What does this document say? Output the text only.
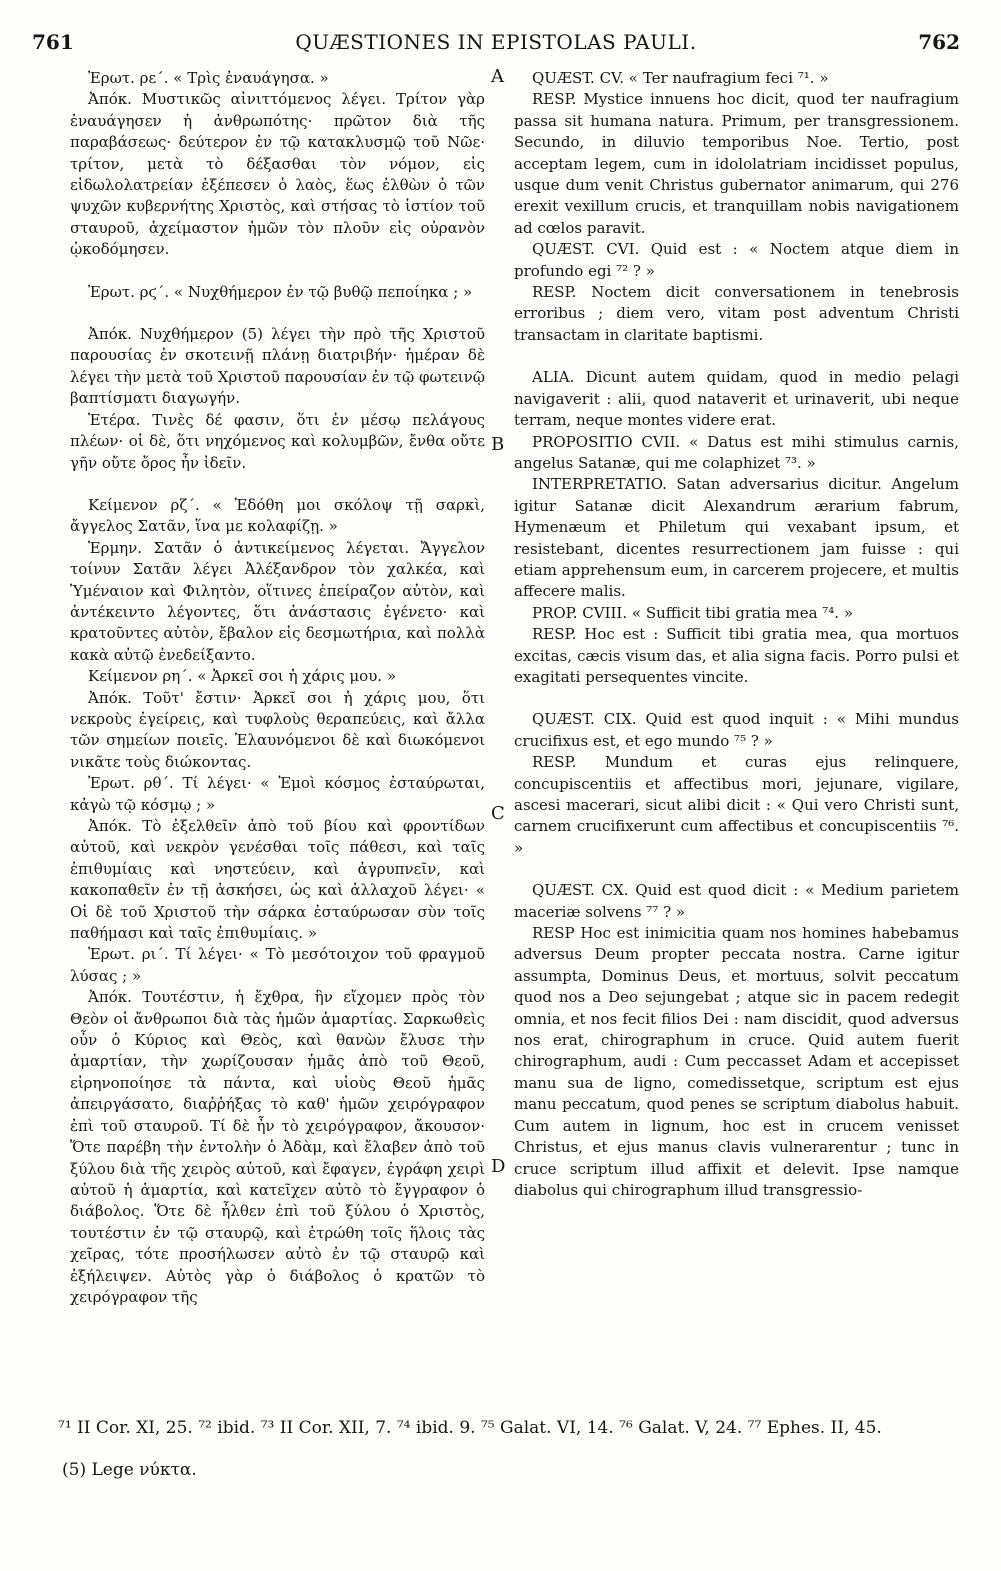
761	QUÆSTIONES IN EPISTOLAS PAULI.	762

Ἐρωτ. ρε΄. « Τρὶς ἐναυάγησα. »

Ἀπόκ. Μυστικῶς αἰνιττόμενος λέγει. Τρίτον γὰρ ἐναυάγησεν ἡ ἀνθρωπότης· πρῶτον διὰ τῆς παραβάσεως· δεύτερον ἐν τῷ κατακλυσμῷ τοῦ Νῶε· τρίτον, μετὰ τὸ δέξασθαι τὸν νόμον, εἰς εἰδωλολατρείαν ἐξέπεσεν ὁ λαὸς, ἕως ἐλθὼν ὁ τῶν ψυχῶν κυβερνήτης Χριστὸς, καὶ στήσας τὸ ἱστίον τοῦ σταυροῦ, ἀχείμαστον ἡμῶν τὸν πλοῦν εἰς οὐρανὸν ᾠκοδόμησεν.

Ἐρωτ. ρϛ΄. « Νυχθήμερον ἐν τῷ βυθῷ πεποίηκα ; »

Ἀπόκ. Νυχθήμερον (5) λέγει τὴν πρὸ τῆς Χριστοῦ παρουσίας ἐν σκοτεινῇ πλάνῃ διατριβήν· ἡμέραν δὲ λέγει τὴν μετὰ τοῦ Χριστοῦ παρουσίαν ἐν τῷ φωτεινῷ βαπτίσματι διαγωγήν.

Ἑτέρα. Τινὲς δέ φασιν, ὅτι ἐν μέσῳ πελάγους πλέων· οἱ δὲ, ὅτι νηχόμενος καὶ κολυμβῶν, ἔνθα οὔτε γῆν οὔτε ὄρος ἦν ἰδεῖν.

Κείμενον ρζ΄. « Ἐδόθη μοι σκόλοψ τῇ σαρκὶ, ἄγγελος Σατᾶν, ἵνα με κολαφίζῃ. »

Ἑρμην. Σατᾶν ὁ ἀντικείμενος λέγεται. Ἄγγελον τοίνυν Σατᾶν λέγει Ἀλέξανδρον τὸν χαλκέα, καὶ Ὑμέναιον καὶ Φιλητὸν, οἵτινες ἐπείραζον αὐτὸν, καὶ ἀντέκειντο λέγοντες, ὅτι ἀνάστασις ἐγένετο· καὶ κρατοῦντες αὐτὸν, ἔβαλον εἰς δεσμωτήρια, καὶ πολλὰ κακὰ αὐτῷ ἐνεδείξαντο.

Κείμενον ρη΄. « Ἀρκεῖ σοι ἡ χάρις μου. »

Ἀπόκ. Τοῦτ' ἔστιν· Ἀρκεῖ σοι ἡ χάρις μου, ὅτι νεκροὺς ἐγείρεις, καὶ τυφλοὺς θεραπεύεις, καὶ ἄλλα τῶν σημείων ποιεῖς. Ἐλαυνόμενοι δὲ καὶ διωκόμενοι νικᾶτε τοὺς διώκοντας.

Ἐρωτ. ρθ΄. Τί λέγει· « Ἐμοὶ κόσμος ἐσταύρωται, κἀγὼ τῷ κόσμῳ ; »

Ἀπόκ. Τὸ ἐξελθεῖν ἀπὸ τοῦ βίου καὶ φροντίδων αὐτοῦ, καὶ νεκρὸν γενέσθαι τοῖς πάθεσι, καὶ ταῖς ἐπιθυμίαις καὶ νηστεύειν, καὶ ἀγρυπνεῖν, καὶ κακοπαθεῖν ἐν τῇ ἀσκήσει, ὡς καὶ ἀλλαχοῦ λέγει· « Οἱ δὲ τοῦ Χριστοῦ τὴν σάρκα ἐσταύρωσαν σὺν τοῖς παθήμασι καὶ ταῖς ἐπιθυμίαις. »

Ἐρωτ. ρι΄. Τί λέγει· « Τὸ μεσότοιχον τοῦ φραγμοῦ λύσας ; »

Ἀπόκ. Τουτέστιν, ἡ ἔχθρα, ἣν εἴχομεν πρὸς τὸν Θεὸν οἱ ἄνθρωποι διὰ τὰς ἡμῶν ἁμαρτίας. Σαρκωθεὶς οὖν ὁ Κύριος καὶ Θεὸς, καὶ θανὼν ἔλυσε τὴν ἁμαρτίαν, τὴν χωρίζουσαν ἡμᾶς ἀπὸ τοῦ Θεοῦ, εἰρηνοποίησε τὰ πάντα, καὶ υἱοὺς Θεοῦ ἡμᾶς ἀπειργάσατο, διαῤῥήξας τὸ καθ' ἡμῶν χειρόγραφον ἐπὶ τοῦ σταυροῦ. Τί δὲ ἦν τὸ χειρόγραφον, ἄκουσον· Ὅτε παρέβη τὴν ἐντολὴν ὁ Ἀδὰμ, καὶ ἔλαβεν ἀπὸ τοῦ ξύλου διὰ τῆς χειρὸς αὐτοῦ, καὶ ἔφαγεν, ἐγράφη χειρὶ αὐτοῦ ἡ ἁμαρτία, καὶ κατεῖχεν αὐτὸ τὸ ἔγγραφον ὁ διάβολος. Ὅτε δὲ ἦλθεν ἐπὶ τοῦ ξύλου ὁ Χριστὸς, τουτέστιν ἐν τῷ σταυρῷ, καὶ ἐτρώθη τοῖς ἥλοις τὰς χεῖρας, τότε προσήλωσεν αὐτὸ ἐν τῷ σταυρῷ καὶ ἐξήλειψεν. Αὐτὸς γὰρ ὁ διάβολος ὁ κρατῶν τὸ χειρόγραφον τῆς

A
B
C
D

QUÆST. CV. « Ter naufragium feci ⁷¹. »

RESP. Mystice innuens hoc dicit, quod ter naufragium passa sit humana natura. Primum, per transgressionem. Secundo, in diluvio temporibus Noe. Tertio, post acceptam legem, cum in idololatriam incidisset populus, usque dum venit Christus gubernator animarum, qui 276 erexit vexillum crucis, et tranquillam nobis navigationem ad cœlos paravit.

QUÆST. CVI. Quid est : « Noctem atque diem in profundo egi ⁷² ? »

RESP. Noctem dicit conversationem in tenebrosis erroribus ; diem vero, vitam post adventum Christi transactam in claritate baptismi.

ALIA. Dicunt autem quidam, quod in medio pelagi navigaverit : alii, quod nataverit et urinaverit, ubi neque terram, neque montes videre erat.

PROPOSITIO CVII. « Datus est mihi stimulus carnis, angelus Satanæ, qui me colaphizet ⁷³. »

INTERPRETATIO. Satan adversarius dicitur. Angelum igitur Satanæ dicit Alexandrum ærarium fabrum, Hymenæum et Philetum qui vexabant ipsum, et resistebant, dicentes resurrectionem jam fuisse : qui etiam apprehensum eum, in carcerem projecere, et multis affecere malis.

PROP. CVIII. « Sufficit tibi gratia mea ⁷⁴. »

RESP. Hoc est : Sufficit tibi gratia mea, qua mortuos excitas, cæcis visum das, et alia signa facis. Porro pulsi et exagitati persequentes vincite.

QUÆST. CIX. Quid est quod inquit : « Mihi mundus crucifixus est, et ego mundo ⁷⁵ ? »

RESP. Mundum et curas ejus relinquere, concupiscentiis et affectibus mori, jejunare, vigilare, ascesi macerari, sicut alibi dicit : « Qui vero Christi sunt, carnem crucifixerunt cum affectibus et concupiscentiis ⁷⁶. »

QUÆST. CX. Quid est quod dicit : « Medium parietem maceriæ solvens ⁷⁷ ? »

RESP Hoc est inimicitia quam nos homines habebamus adversus Deum propter peccata nostra. Carne igitur assumpta, Dominus Deus, et mortuus, solvit peccatum quod nos a Deo sejungebat ; atque sic in pacem redegit omnia, et nos fecit filios Dei : nam discidit, quod adversus nos erat, chirographum in cruce. Quid autem fuerit chirographum, audi : Cum peccasset Adam et accepisset manu sua de ligno, comedissetque, scriptum est ejus manu peccatum, quod penes se scriptum diabolus habuit. Cum autem in lignum, hoc est in crucem venisset Christus, et ejus manus clavis vulnerarentur ; tunc in cruce scriptum illud affixit et delevit. Ipse namque diabolus qui chirographum illud transgressio-

⁷¹ II Cor. XI, 25. ⁷² ibid. ⁷³ II Cor. XII, 7. ⁷⁴ ibid. 9. ⁷⁵ Galat. VI, 14. ⁷⁶ Galat. V, 24. ⁷⁷ Ephes. II, 45.

(5) Lege νύκτα.
